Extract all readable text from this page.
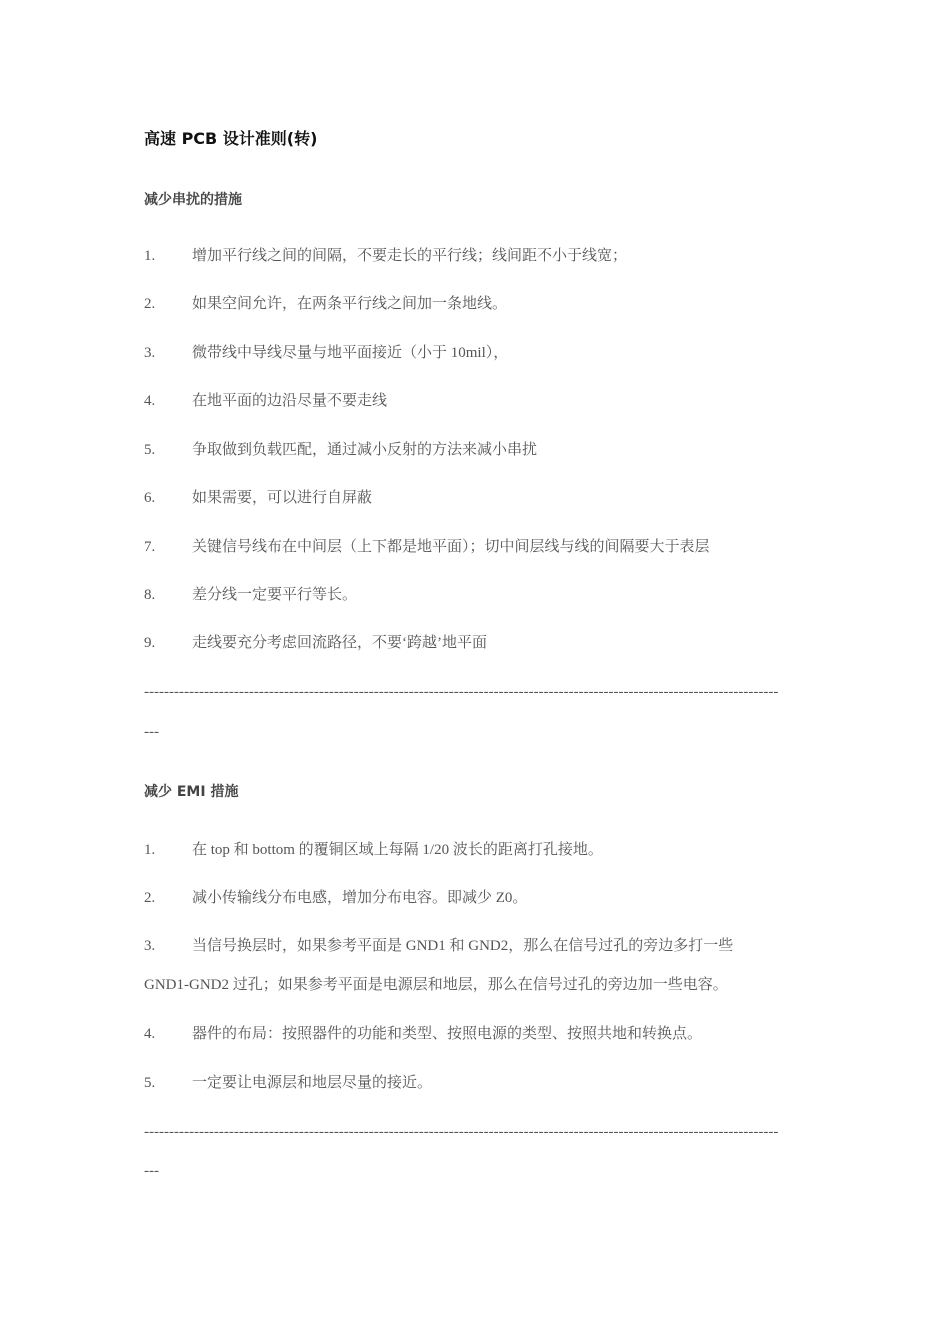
高速 PCB 设计准则(转)
减少串扰的措施
1. 增加平行线之间的间隔，不要走长的平行线；线间距不小于线宽；
2. 如果空间允许，在两条平行线之间加一条地线。
3. 微带线中导线尽量与地平面接近（小于 10mil），
4. 在地平面的边沿尽量不要走线
5. 争取做到负载匹配，通过减小反射的方法来减小串扰
6. 如果需要，可以进行自屏蔽
7. 关键信号线布在中间层（上下都是地平面）；切中间层线与线的间隔要大于表层
8. 差分线一定要平行等长。
9. 走线要充分考虑回流路径，不要‘跨越’地平面
-------------------------------------------------------------------------------------------------------------------------------
---
减少 EMI 措施
1. 在 top 和 bottom 的覆铜区域上每隔 1/20 波长的距离打孔接地。
2. 减小传输线分布电感，增加分布电容。即减少 Z0。
3. 当信号换层时，如果参考平面是 GND1 和 GND2，那么在信号过孔的旁边多打一些
GND1-GND2 过孔；如果参考平面是电源层和地层，那么在信号过孔的旁边加一些电容。
4. 器件的布局：按照器件的功能和类型、按照电源的类型、按照共地和转换点。
5. 一定要让电源层和地层尽量的接近。
-------------------------------------------------------------------------------------------------------------------------------
---
